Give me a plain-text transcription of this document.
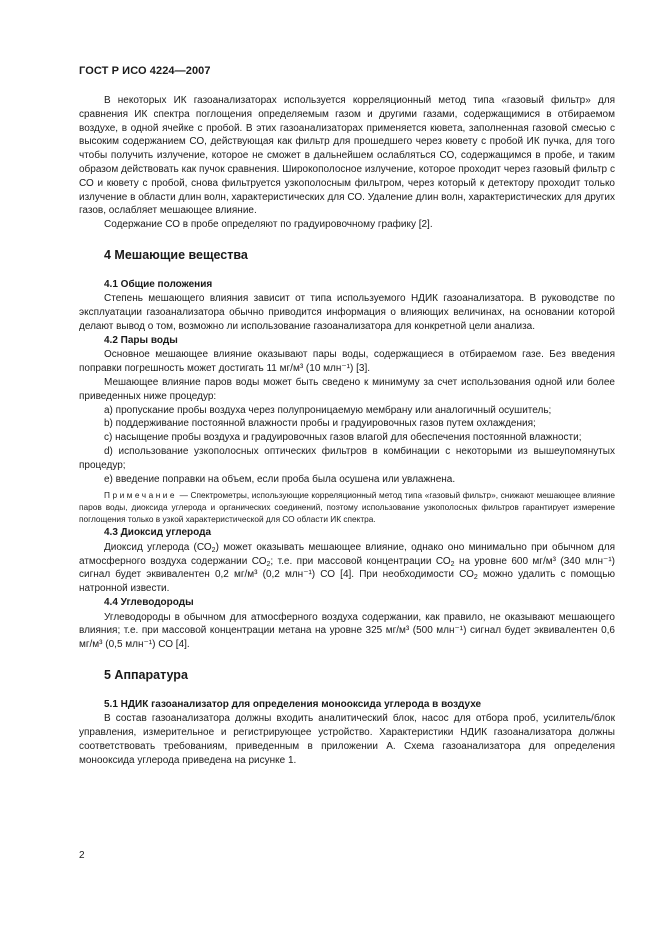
ГОСТ Р ИСО 4224—2007

В некоторых ИК газоанализаторах используется корреляционный метод типа «газовый фильтр» для сравнения ИК спектра поглощения определяемым газом и другими газами, содержащимися в отбираемом воздухе, в одной ячейке с пробой. В этих газоанализаторах применяется кювета, заполненная газовой смесью с высоким содержанием СО, действующая как фильтр для прошедшего через кювету с пробой ИК пучка, для того чтобы получить излучение, которое не сможет в дальнейшем ослабляться СО, содержащимся в пробе, и таким образом действовать как пучок сравнения. Широкополосное излучение, которое проходит через газовый фильтр с СО и кювету с пробой, снова фильтруется узкополосным фильтром, через который к детектору проходит только излучение в области длин волн, характеристических для СО. Удаление длин волн, характеристических для других газов, ослабляет мешающее влияние.

Содержание СО в пробе определяют по градуировочному графику [2].

4 Мешающие вещества
4.1 Общие положения

Степень мешающего влияния зависит от типа используемого НДИК газоанализатора. В руководстве по эксплуатации газоанализатора обычно приводится информация о влияющих величинах, на основании которой делают вывод о том, возможно ли использование газоанализатора для конкретной цели анализа.

4.2 Пары воды

Основное мешающее влияние оказывают пары воды, содержащиеся в отбираемом газе. Без введения поправки погрешность может достигать 11 мг/м³ (10 млн⁻¹) [3].

Мешающее влияние паров воды может быть сведено к минимуму за счет использования одной или более приведенных ниже процедур:

a) пропускание пробы воздуха через полупроницаемую мембрану или аналогичный осушитель;

b) поддерживание постоянной влажности пробы и градуировочных газов путем охлаждения;

c) насыщение пробы воздуха и градуировочных газов влагой для обеспечения постоянной влажности;

d) использование узкополосных оптических фильтров в комбинации с некоторыми из вышеупомянутых процедур;

e) введение поправки на объем, если проба была осушена или увлажнена.

Примечание — Спектрометры, использующие корреляционный метод типа «газовый фильтр», снижают мешающее влияние паров воды, диоксида углерода и органических соединений, поэтому использование узкополосных фильтров гарантирует измерение поглощения только в узкой характеристической для СО области ИК спектра.
4.3 Диоксид углерода

Диоксид углерода $(СО_2)$ может оказывать мешающее влияние, однако оно минимально при обычном для атмосферного воздуха содержании $СО_2$; т.е. при массовой концентрации $СО_2$ на уровне 600 мг/м³ (340 млн⁻¹) сигнал будет эквивалентен 0,2 мг/м³ (0,2 млн⁻¹) СО [4]. При необходимости $СО_2$ можно удалить с помощью натронной извести.

4.4 Углеводороды

Углеводороды в обычном для атмосферного воздуха содержании, как правило, не оказывают мешающего влияния; т.е. при массовой концентрации метана на уровне 325 мг/м³ (500 млн⁻¹) сигнал будет эквивалентен 0,6 мг/м³ (0,5 млн⁻¹) СО [4].

5 Аппаратура
5.1 НДИК газоанализатор для определения монооксида углерода в воздухе

В состав газоанализатора должны входить аналитический блок, насос для отбора проб, усилитель/блок управления, измерительное и регистрирующее устройство. Характеристики НДИК газоанализатора должны соответствовать требованиям, приведенным в приложении А. Схема газоанализатора для определения монооксида углерода приведена на рисунке 1.

2
